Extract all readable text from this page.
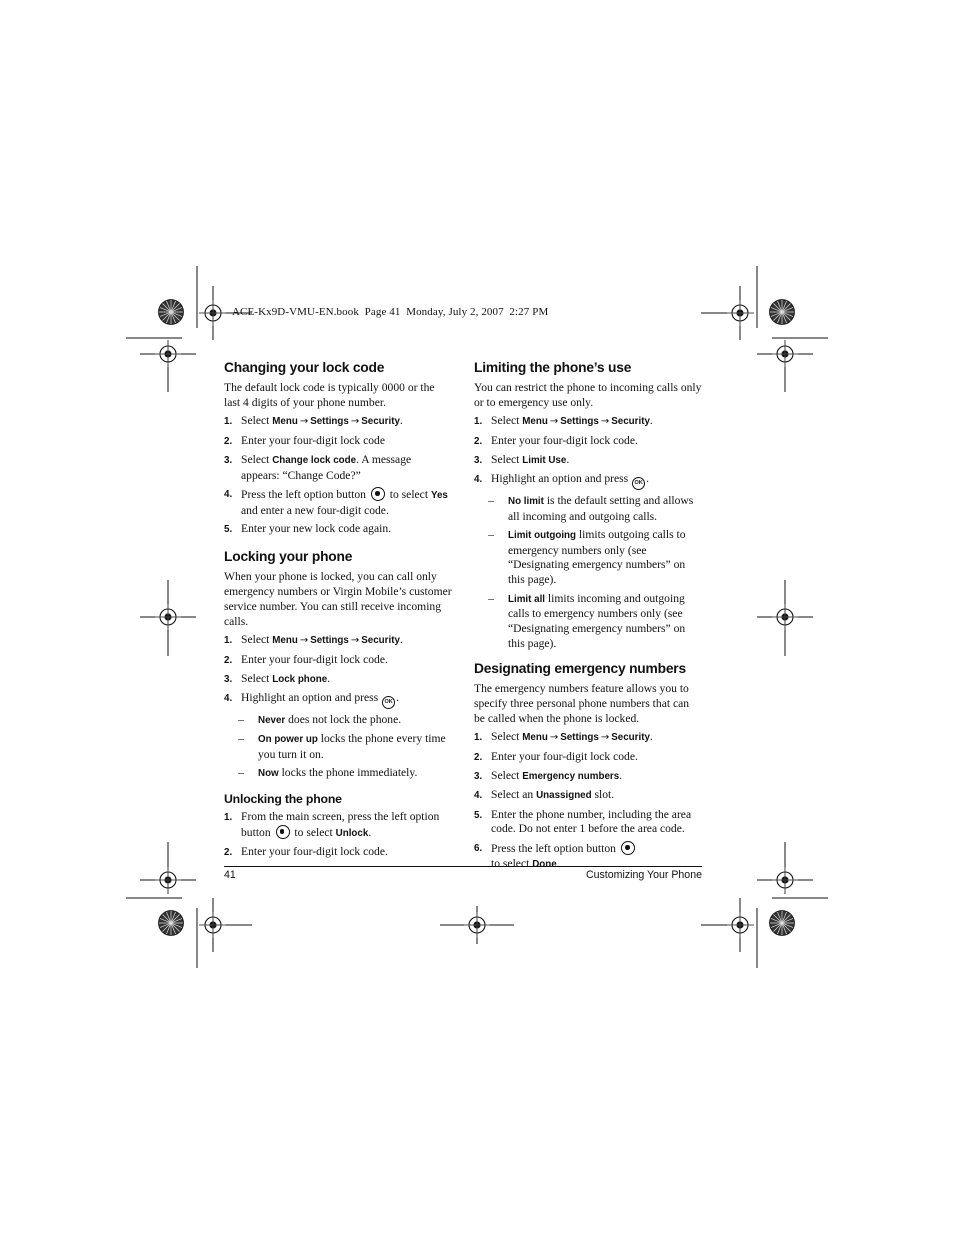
ACE-Kx9D-VMU-EN.book  Page 41  Monday, July 2, 2007  2:27 PM
Changing your lock code

The default lock code is typically 0000 or the last 4 digits of your phone number.

1. Select Menu → Settings → Security.
2. Enter your four-digit lock code
3. Select Change lock code. A message appears: “Change Code?”
4. Press the left option button  to select Yes and enter a new four-digit code.
5. Enter your new lock code again.
Locking your phone

When your phone is locked, you can call only emergency numbers or Virgin Mobile’s customer service number. You can still receive incoming calls.

1. Select Menu → Settings → Security.
2. Enter your four-digit lock code.
3. Select Lock phone.
4. Highlight an option and press OK .
–	Never does not lock the phone.
–	On power up locks the phone every time you turn it on.
–	Now locks the phone immediately.
Unlocking the phone
1. From the main screen, press the left option button  to select Unlock.
2. Enter your four-digit lock code.
Limiting the phone’s use

You can restrict the phone to incoming calls only or to emergency use only.

1. Select Menu → Settings → Security.
2. Enter your four-digit lock code.
3. Select Limit Use.
4. Highlight an option and press OK .
–	No limit is the default setting and allows all incoming and outgoing calls.
–	Limit outgoing limits outgoing calls to emergency numbers only (see “Designating emergency numbers” on this page).
–	Limit all limits incoming and outgoing calls to emergency numbers only (see “Designating emergency numbers” on this page).
Designating emergency numbers

The emergency numbers feature allows you to specify three personal phone numbers that can be called when the phone is locked.

1. Select Menu → Settings → Security.
2. Enter your four-digit lock code.
3. Select Emergency numbers.
4. Select an Unassigned slot.
5. Enter the phone number, including the area code. Do not enter 1 before the area code.
6. Press the left option button  to select Done.
41	Customizing Your Phone
